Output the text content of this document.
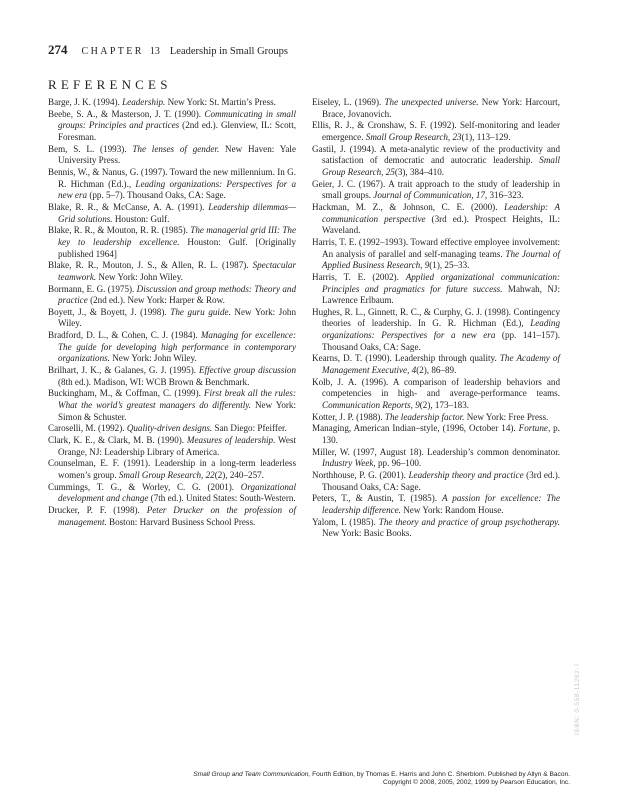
274 CHAPTER 13 Leadership in Small Groups
REFERENCES

Barge, J. K. (1994). Leadership. New York: St. Martin’s Press.

Beebe, S. A., & Masterson, J. T. (1990). Communicating in small groups: Principles and practices (2nd ed.). Glenview, IL: Scott, Foresman.

Bem, S. L. (1993). The lenses of gender. New Haven: Yale University Press.

Bennis, W., & Nanus, G. (1997). Toward the new millennium. In G. R. Hichman (Ed.)., Leading organizations: Perspectives for a new era (pp. 5–7). Thousand Oaks, CA: Sage.

Blake, R. R., & McCanse, A. A. (1991). Leadership dilemmas—Grid solutions. Houston: Gulf.

Blake, R. R., & Mouton, R. R. (1985). The managerial grid III: The key to leadership excellence. Houston: Gulf. [Originally published 1964]

Blake, R. R., Mouton, J. S., & Allen, R. L. (1987). Spectacular teamwork. New York: John Wiley.

Bormann, E. G. (1975). Discussion and group methods: Theory and practice (2nd ed.). New York: Harper & Row.

Boyett, J., & Boyett, J. (1998). The guru guide. New York: John Wiley.

Bradford, D. L., & Cohen, C. J. (1984). Managing for excellence: The guide for developing high performance in contemporary organizations. New York: John Wiley.

Brilhart, J. K., & Galanes, G. J. (1995). Effective group discussion (8th ed.). Madison, WI: WCB Brown & Benchmark.

Buckingham, M., & Coffman, C. (1999). First break all the rules: What the world’s greatest managers do differently. New York: Simon & Schuster.

Caroselli, M. (1992). Quality-driven designs. San Diego: Pfeiffer.

Clark, K. E., & Clark, M. B. (1990). Measures of leadership. West Orange, NJ: Leadership Library of America.

Counselman, E. F. (1991). Leadership in a long-term leaderless women’s group. Small Group Research, 22(2), 240–257.

Cummings, T. G., & Worley, C. G. (2001). Organizational development and change (7th ed.). United States: South-Western.

Drucker, P. F. (1998). Peter Drucker on the profession of management. Boston: Harvard Business School Press.

Eiseley, L. (1969). The unexpected universe. New York: Harcourt, Brace, Jovanovich.

Ellis, R. J., & Cronshaw, S. F. (1992). Self-monitoring and leader emergence. Small Group Research, 23(1), 113–129.

Gastil, J. (1994). A meta-analytic review of the productivity and satisfaction of democratic and autocratic leadership. Small Group Research, 25(3), 384–410.

Geier, J. C. (1967). A trait approach to the study of leadership in small groups. Journal of Communication, 17, 316–323.

Hackman, M. Z., & Johnson, C. E. (2000). Leadership: A communication perspective (3rd ed.). Prospect Heights, IL: Waveland.

Harris, T. E. (1992–1993). Toward effective employee involvement: An analysis of parallel and self-managing teams. The Journal of Applied Business Research, 9(1), 25–33.

Harris, T. E. (2002). Applied organizational communication: Principles and pragmatics for future success. Mahwah, NJ: Lawrence Erlbaum.

Hughes, R. L., Ginnett, R. C., & Curphy, G. J. (1998). Contingency theories of leadership. In G. R. Hichman (Ed.), Leading organizations: Perspectives for a new era (pp. 141–157). Thousand Oaks, CA: Sage.

Kearns, D. T. (1990). Leadership through quality. The Academy of Management Executive, 4(2), 86–89.

Kolb, J. A. (1996). A comparison of leadership behaviors and competencies in high- and average-performance teams. Communication Reports, 9(2), 173–183.

Kotter, J. P. (1988). The leadership factor. New York: Free Press.

Managing, American Indian–style, (1996, October 14). Fortune, p. 130.

Miller, W. (1997, August 18). Leadership’s common denominator. Industry Week, pp. 96–100.

Northhouse, P. G. (2001). Leadership theory and practice (3rd ed.). Thousand Oaks, CA: Sage.

Peters, T., & Austin, T. (1985). A passion for excellence: The leadership difference. New York: Random House.

Yalom, I. (1985). The theory and practice of group psychotherapy. New York: Basic Books.

ISBN: 0-558-11282-7
Small Group and Team Communication, Fourth Edition, by Thomas E. Harris and John C. Sherblom. Published by Allyn & Bacon.
Copyright © 2008, 2005, 2002, 1999 by Pearson Education, Inc.
